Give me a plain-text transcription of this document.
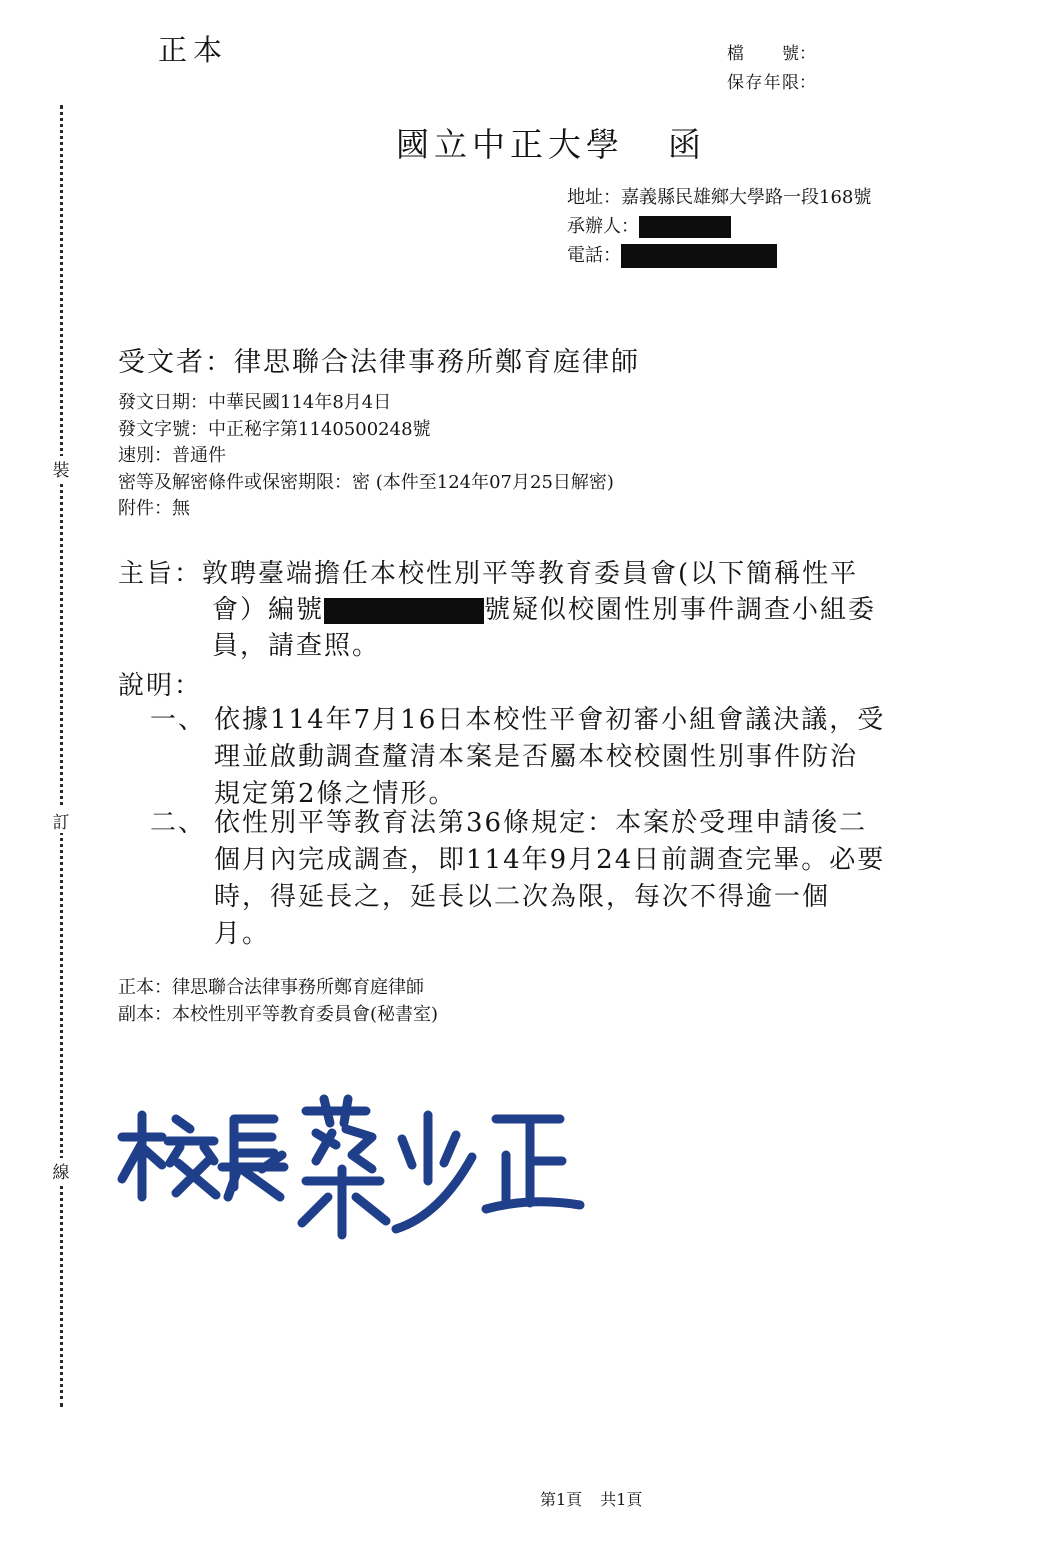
正本	檔　號 ：
保存年限 ：
裝
訂
線
國立中正大學 函
地址：嘉義縣民雄鄉大學路一段168號
承辦人：
電話：
受文者：律思聯合法律事務所鄭育庭律師
發文日期：中華民國114年8月4日
發文字號：中正秘字第1140500248號
速別：普通件
密等及解密條件或保密期限：密 (本件至124年07月25日解密)
附件：無
主旨：敦聘臺端擔任本校性別平等教育委員會(以下簡稱性平
會）編號	號疑似校園性別事件調查小組委
員，請查照。
說明：
一、 依據114年7月16日本校性平會初審小組會議決議，受
理並啟動調查釐清本案是否屬本校校園性別事件防治
規定第2條之情形。
二、 依性別平等教育法第36條規定：本案於受理申請後二
個月內完成調查，即114年9月24日前調查完畢。必要
時，得延長之，延長以二次為限，每次不得逾一個
月。
正本：律思聯合法律事務所鄭育庭律師
副本：本校性別平等教育委員會(秘書室)
第1頁 共1頁
